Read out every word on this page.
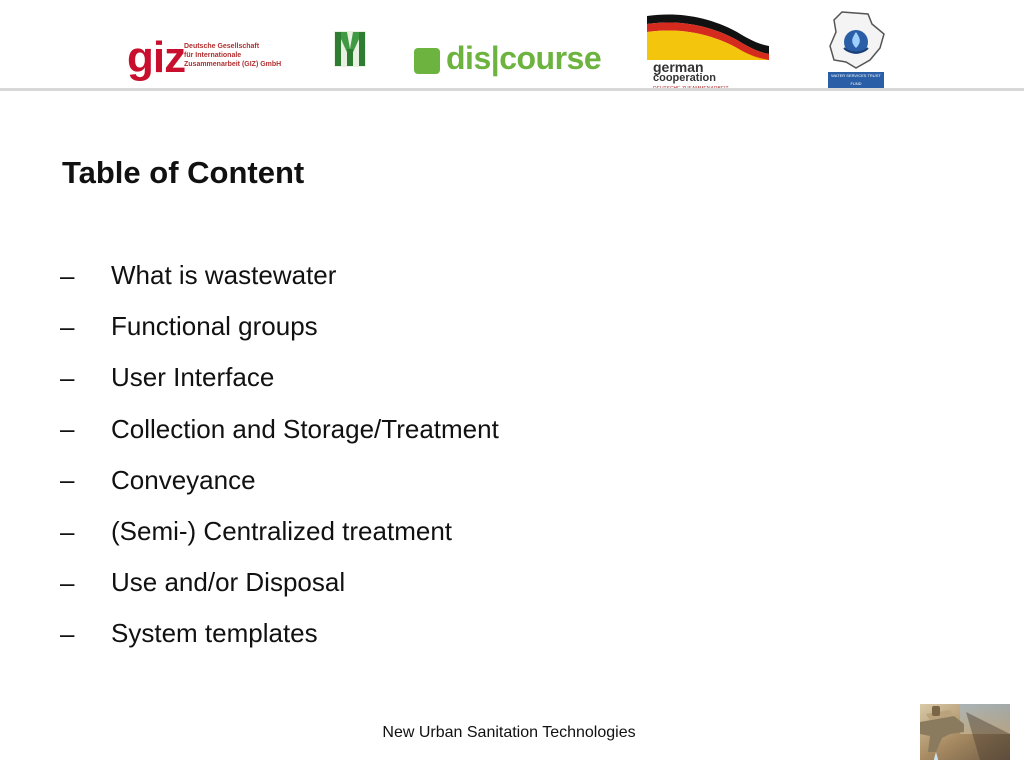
giz
Deutsche Gesellschaft
für Internationale
Zusammenarbeit (GIZ) GmbH	dis|course	german
cooperation	WATER SERVICES TRUST FUND
Table of Content
– What is wastewater
– Functional groups
– User Interface
– Collection and Storage/Treatment
– Conveyance
– (Semi-) Centralized treatment
– Use and/or Disposal
– System templates
New Urban Sanitation Technologies
